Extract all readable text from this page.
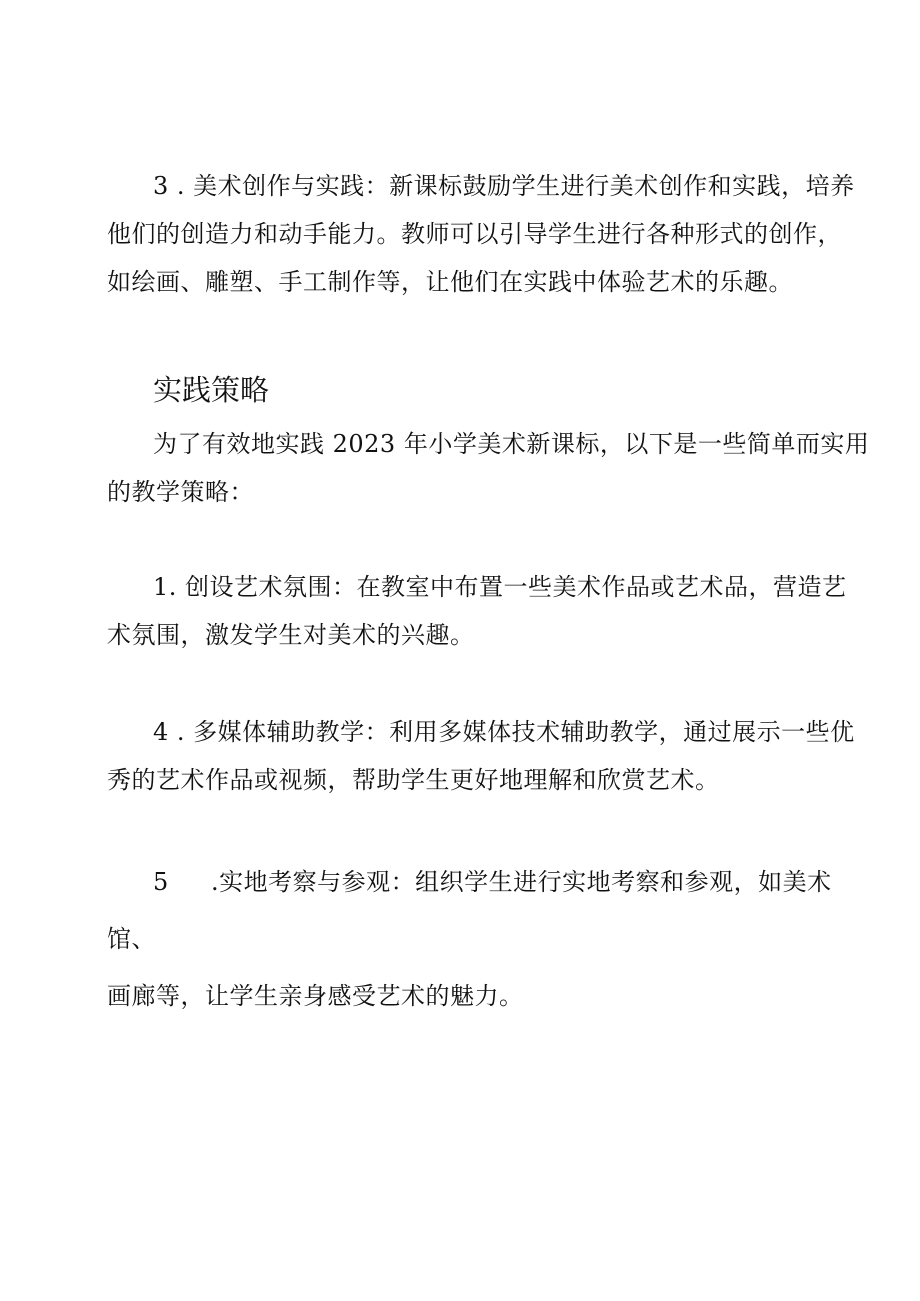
3 . 美术创作与实践：新课标鼓励学生进行美术创作和实践，培养
他们的创造力和动手能力。教师可以引导学生进行各种形式的创作，
如绘画、雕塑、手工制作等，让他们在实践中体验艺术的乐趣。
实践策略
为了有效地实践 2023 年小学美术新课标，以下是一些简单而实用
的教学策略：
1. 创设艺术氛围：在教室中布置一些美术作品或艺术品，营造艺
术氛围，激发学生对美术的兴趣。
4 . 多媒体辅助教学：利用多媒体技术辅助教学，通过展示一些优
秀的艺术作品或视频，帮助学生更好地理解和欣赏艺术。
5 .实地考察与参观：组织学生进行实地考察和参观，如美术
馆、
画廊等，让学生亲身感受艺术的魅力。
